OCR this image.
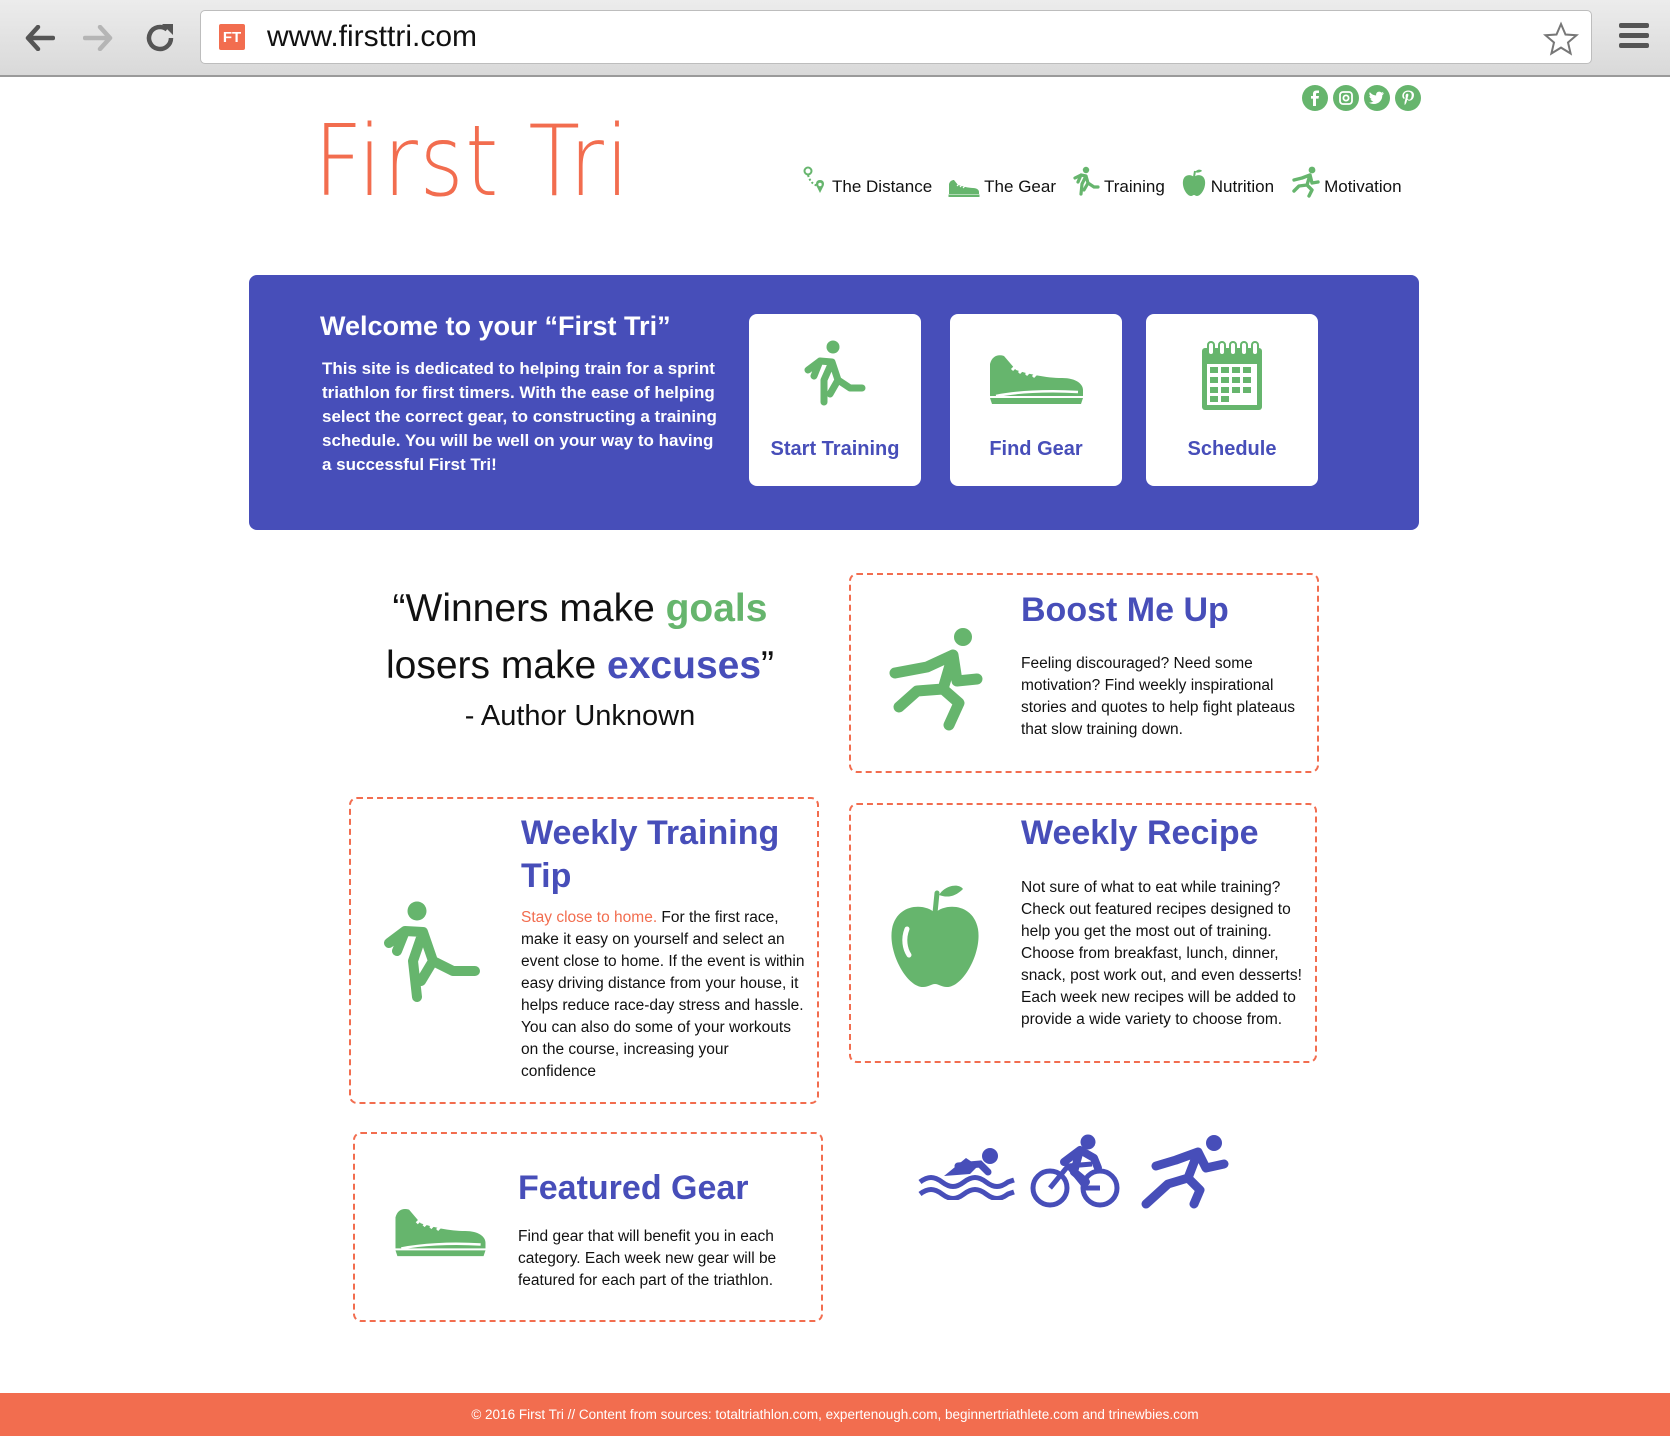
FT www.firsttri.com
First Tri	The Distance	The Gear	Training	Nutrition	Motivation
Welcome to your “First Tri”

This site is dedicated to helping train for a sprint triathlon for first timers. With the ease of helping select the correct gear, to constructing a training schedule. You will be well on your way to having a successful First Tri!

Start Training	Find Gear	Schedule
“Winners make goals
losers make excuses”
- Author Unknown
Boost Me Up

Feeling discouraged? Need some motivation? Find weekly inspirational stories and quotes to help fight plateaus that slow training down.

Weekly Training Tip

Stay close to home. For the first race, make it easy on yourself and select an event close to home. If the event is within easy driving distance from your house, it helps reduce race-day stress and hassle. You can also do some of your workouts on the course, increasing your confidence

Weekly Recipe

Not sure of what to eat while training? Check out featured recipes designed to help you get the most out of training. Choose from breakfast, lunch, dinner, snack, post work out, and even desserts! Each week new recipes will be added to provide a wide variety to choose from.

Featured Gear

Find gear that will benefit you in each category. Each week new gear will be featured for each part of the triathlon.

© 2016 First Tri // Content from sources: totaltriathlon.com, expertenough.com, beginnertriathlete.com and trinewbies.com
